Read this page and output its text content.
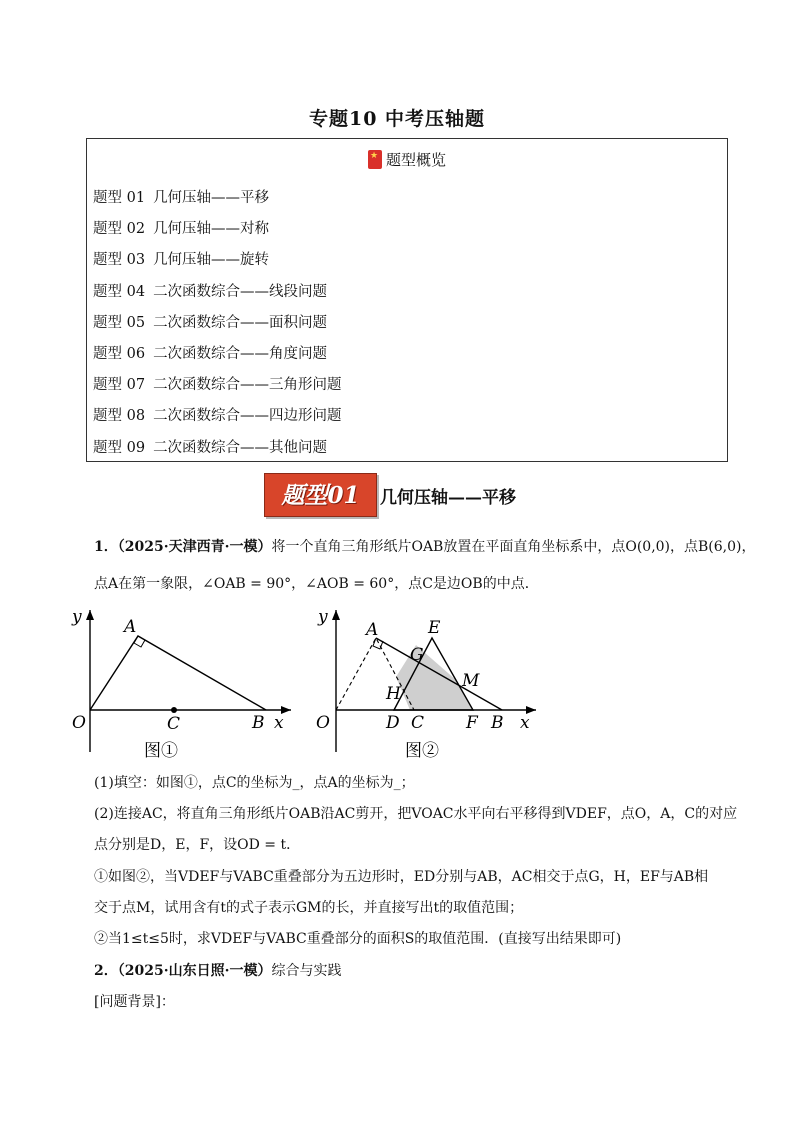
专题10 中考压轴题
★题型概览
题型 01 几何压轴——平移
题型 02 几何压轴——对称
题型 03 几何压轴——旋转
题型 04 二次函数综合——线段问题
题型 05 二次函数综合——面积问题
题型 06 二次函数综合——角度问题
题型 07 二次函数综合——三角形问题
题型 08 二次函数综合——四边形问题
题型 09 二次函数综合——其他问题
题型01	几何压轴——平移
1．（2025·天津西青·一模）将一个直角三角形纸片OAB放置在平面直角坐标系中，点O(0,0)，点B(6,0)，
点A在第一象限，∠OAB = 90°，∠AOB = 60°，点C是边OB的中点．
y A
O	C	B x
图①
y
A	E
G
M
H
O	D C F B x
图②
(1)填空：如图①，点C的坐标为_，点A的坐标为_；
(2)连接AC，将直角三角形纸片OAB沿AC剪开，把VOAC水平向右平移得到VDEF，点O，A，C的对应
点分别是D，E，F，设OD = t．
①如图②，当VDEF与VABC重叠部分为五边形时，ED分别与AB，AC相交于点G，H，EF与AB相
交于点M，试用含有t的式子表示GM的长，并直接写出t的取值范围；
②当1≤t≤5时，求VDEF与VABC重叠部分的面积S的取值范围．(直接写出结果即可)
2．（2025·山东日照·一模）综合与实践
[问题背景]：
